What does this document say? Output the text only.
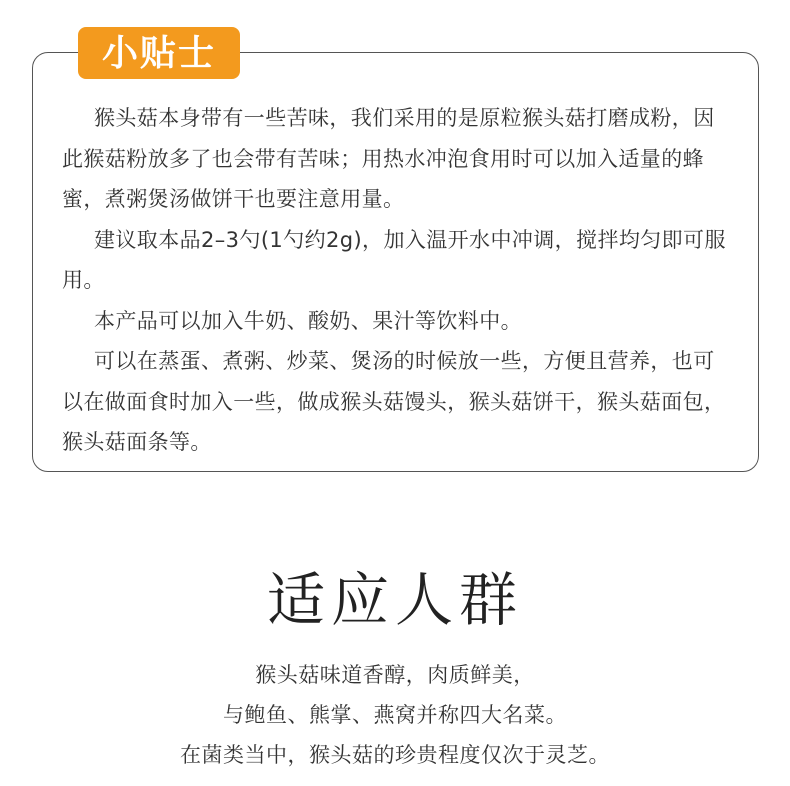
小贴士

猴头菇本身带有一些苦味，我们采用的是原粒猴头菇打磨成粉，因此猴菇粉放多了也会带有苦味；用热水冲泡食用时可以加入适量的蜂蜜，煮粥煲汤做饼干也要注意用量。

建议取本品2–3勺(1勺约2g)，加入温开水中冲调，搅拌均匀即可服用。

本产品可以加入牛奶、酸奶、果汁等饮料中。

可以在蒸蛋、煮粥、炒菜、煲汤的时候放一些，方便且营养，也可以在做面食时加入一些，做成猴头菇馒头，猴头菇饼干，猴头菇面包，猴头菇面条等。

适应人群
猴头菇味道香醇，肉质鲜美，
与鲍鱼、熊掌、燕窝并称四大名菜。
在菌类当中，猴头菇的珍贵程度仅次于灵芝。
